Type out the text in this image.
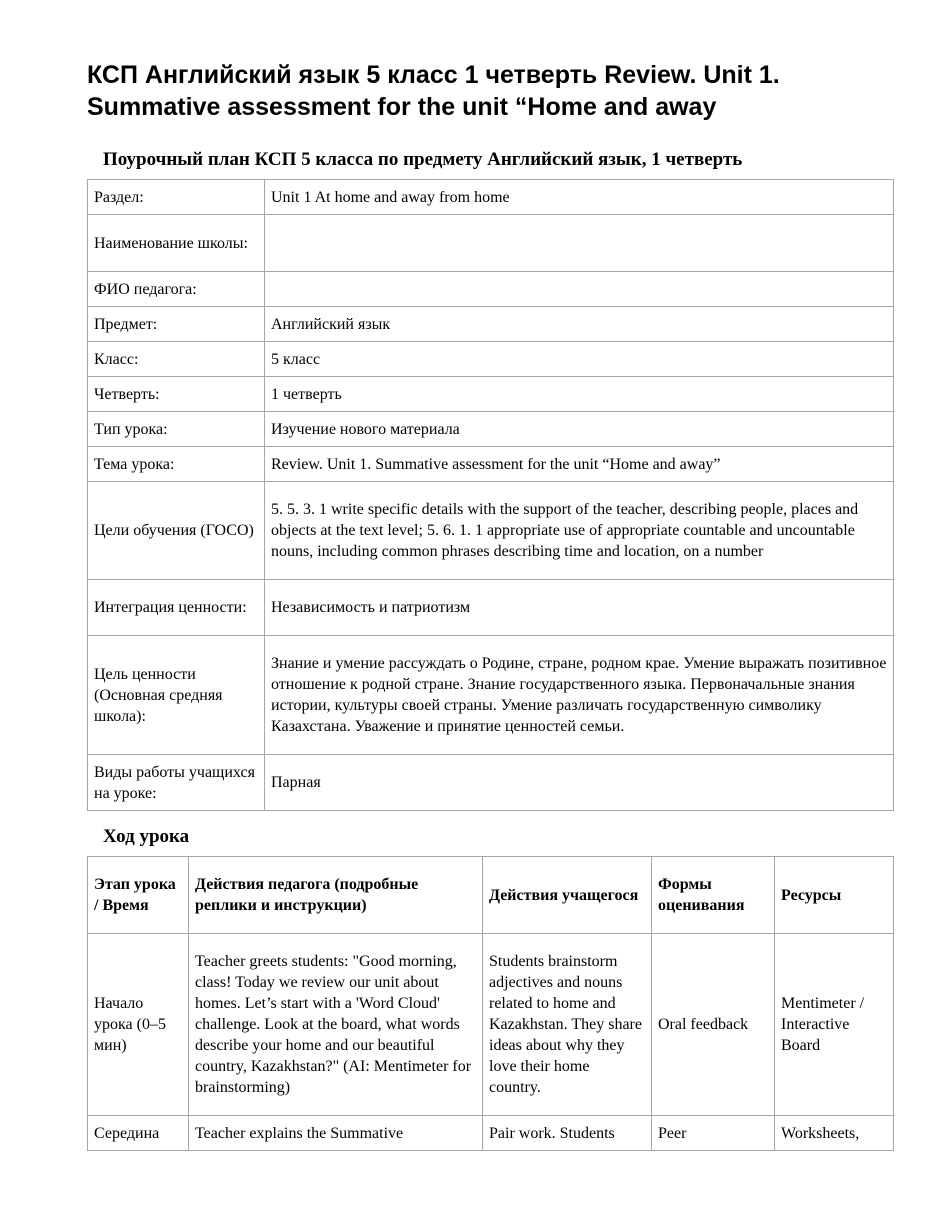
КСП Английский язык 5 класс 1 четверть Review. Unit 1. Summative assessment for the unit “Home and away
Поурочный план КСП 5 класса по предмету Английский язык, 1 четверть
Раздел:	Unit 1 At home and away from home
Наименование школы:	
ФИО педагога:	
Предмет:	Английский язык
Класс:	5 класс
Четверть:	1 четверть
Тип урока:	Изучение нового материала
Тема урока:	Review. Unit 1. Summative assessment for the unit “Home and away”
Цели обучения (ГОСО)	5. 5. 3. 1 write specific details with the support of the teacher, describing people, places and objects at the text level; 5. 6. 1. 1 appropriate use of appropriate countable and uncountable nouns, including common phrases describing time and location, on a number
Интеграция ценности:	Независимость и патриотизм
Цель ценности (Основная средняя школа):	Знание и умение рассуждать о Родине, стране, родном крае. Умение выражать позитивное отношение к родной стране. Знание государственного языка. Первоначальные знания истории, культуры своей страны. Умение различать государственную символику Казахстана. Уважение и принятие ценностей семьи.
Виды работы учащихся на уроке:	Парная
Ход урока
Этап урока / Время	Действия педагога (подробные реплики и инструкции)	Действия учащегося	Формы оценивания	Ресурсы
Начало урока (0–5 мин)	Teacher greets students: "Good morning, class! Today we review our unit about homes. Let’s start with a 'Word Cloud' challenge. Look at the board, what words describe your home and our beautiful country, Kazakhstan?" (AI: Mentimeter for brainstorming)	Students brainstorm adjectives and nouns related to home and Kazakhstan. They share ideas about why they love their home country.	Oral feedback	Mentimeter / Interactive Board
Середина	Teacher explains the Summative	Pair work. Students	Peer	Worksheets,
